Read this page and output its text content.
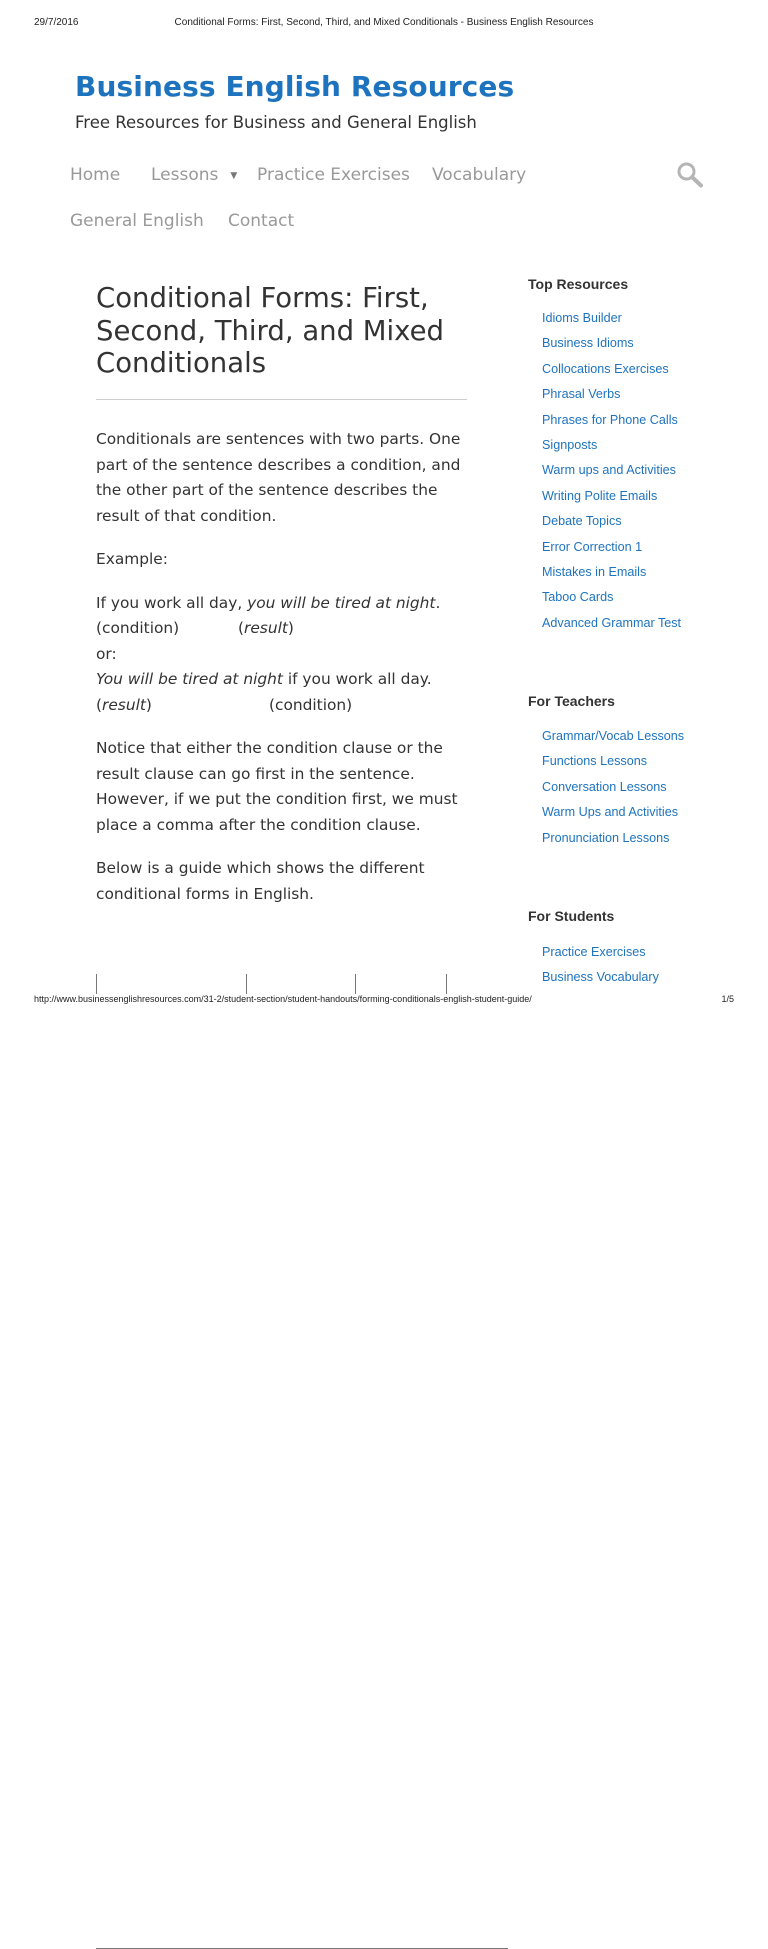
29/7/2016	Conditional Forms: First, Second, Third, and Mixed Conditionals - Business English Resources
Business English Resources

Free Resources for Business and General English

Home Lessons ▼ Practice Exercises Vocabulary
General English Contact
Conditional Forms: First, Second, Third, and Mixed Conditionals

Conditionals are sentences with two parts. One part of the sentence describes a condition, and the other part of the sentence describes the result of that condition.

Example:

If you work all day, you will be tired at night.

(condition)	(result)

or:

You will be tired at night if you work all day.

(result)	(condition)

Notice that either the condition clause or the result clause can go first in the sentence. However, if we put the condition first, we must place a comma after the condition clause.

Below is a guide which shows the different conditional forms in English.

Top Resources
Idioms Builder
Business Idioms
Collocations Exercises
Phrasal Verbs
Phrases for Phone Calls
Signposts
Warm ups and Activities
Writing Polite Emails
Debate Topics
Error Correction 1
Mistakes in Emails
Taboo Cards
Advanced Grammar Test
For Teachers
Grammar/Vocab Lessons
Functions Lessons
Conversation Lessons
Warm Ups and Activities
Pronunciation Lessons
For Students
Practice Exercises
Business Vocabulary
http://www.businessenglishresources.com/31-2/student-section/student-handouts/forming-conditionals-english-student-guide/	1/5
